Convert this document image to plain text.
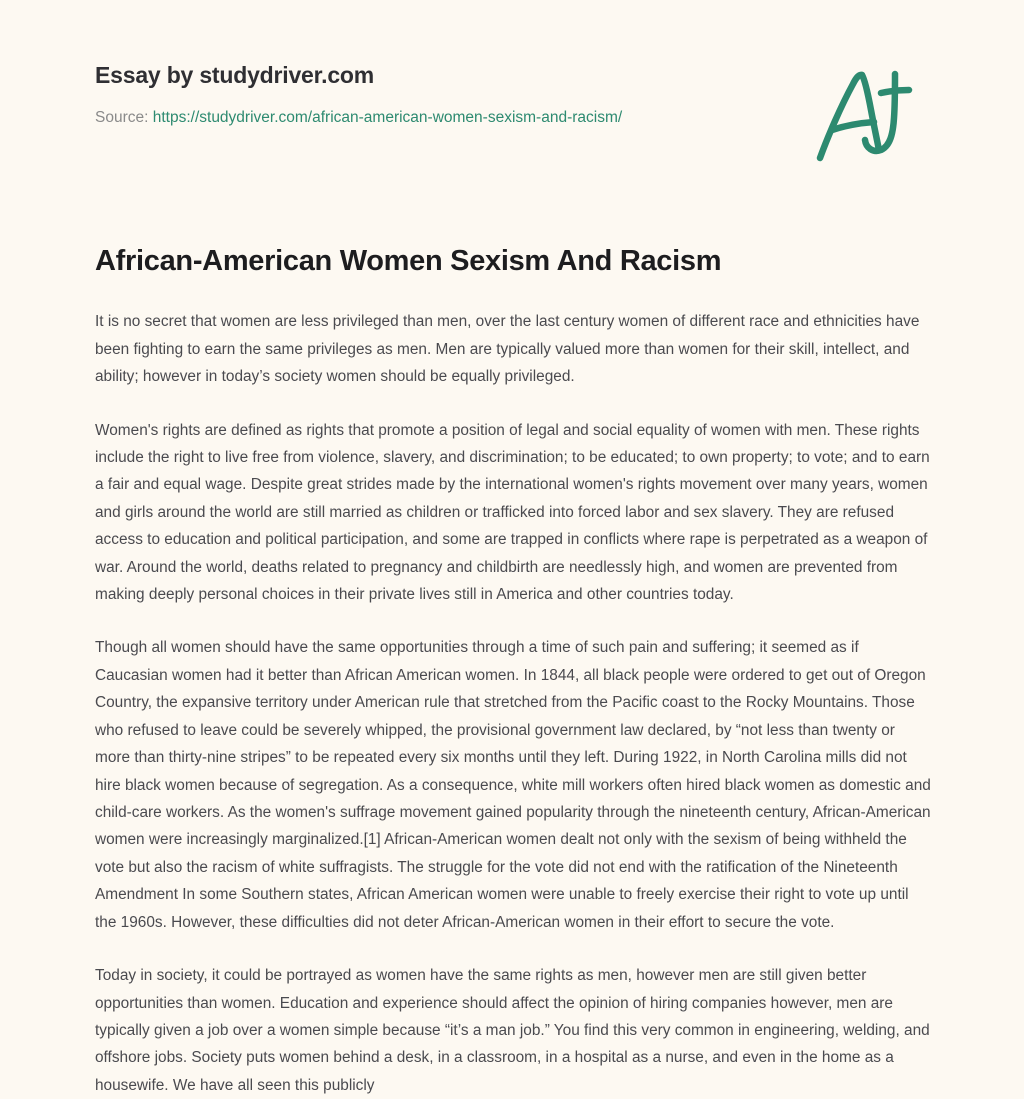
Essay by studydriver.com

Source: https://studydriver.com/african-american-women-sexism-and-racism/

African-American Women Sexism And Racism

It is no secret that women are less privileged than men, over the last century women of different race and ethnicities have been fighting to earn the same privileges as men. Men are typically valued more than women for their skill, intellect, and ability; however in today’s society women should be equally privileged.

Women's rights are defined as rights that promote a position of legal and social equality of women with men. These rights include the right to live free from violence, slavery, and discrimination; to be educated; to own property; to vote; and to earn a fair and equal wage. Despite great strides made by the international women's rights movement over many years, women and girls around the world are still married as children or trafficked into forced labor and sex slavery. They are refused access to education and political participation, and some are trapped in conflicts where rape is perpetrated as a weapon of war. Around the world, deaths related to pregnancy and childbirth are needlessly high, and women are prevented from making deeply personal choices in their private lives still in America and other countries today.

Though all women should have the same opportunities through a time of such pain and suffering; it seemed as if Caucasian women had it better than African American women. In 1844, all black people were ordered to get out of Oregon Country, the expansive territory under American rule that stretched from the Pacific coast to the Rocky Mountains. Those who refused to leave could be severely whipped, the provisional government law declared, by “not less than twenty or more than thirty-nine stripes” to be repeated every six months until they left. During 1922, in North Carolina mills did not hire black women because of segregation. As a consequence, white mill workers often hired black women as domestic and child-care workers. As the women's suffrage movement gained popularity through the nineteenth century, African-American women were increasingly marginalized.[1] African-American women dealt not only with the sexism of being withheld the vote but also the racism of white suffragists. The struggle for the vote did not end with the ratification of the Nineteenth Amendment In some Southern states, African American women were unable to freely exercise their right to vote up until the 1960s. However, these difficulties did not deter African-American women in their effort to secure the vote.

Today in society, it could be portrayed as women have the same rights as men, however men are still given better opportunities than women. Education and experience should affect the opinion of hiring companies however, men are typically given a job over a women simple because “it’s a man job.” You find this very common in engineering, welding, and offshore jobs. Society puts women behind a desk, in a classroom, in a hospital as a nurse, and even in the home as a housewife. We have all seen this publicly
